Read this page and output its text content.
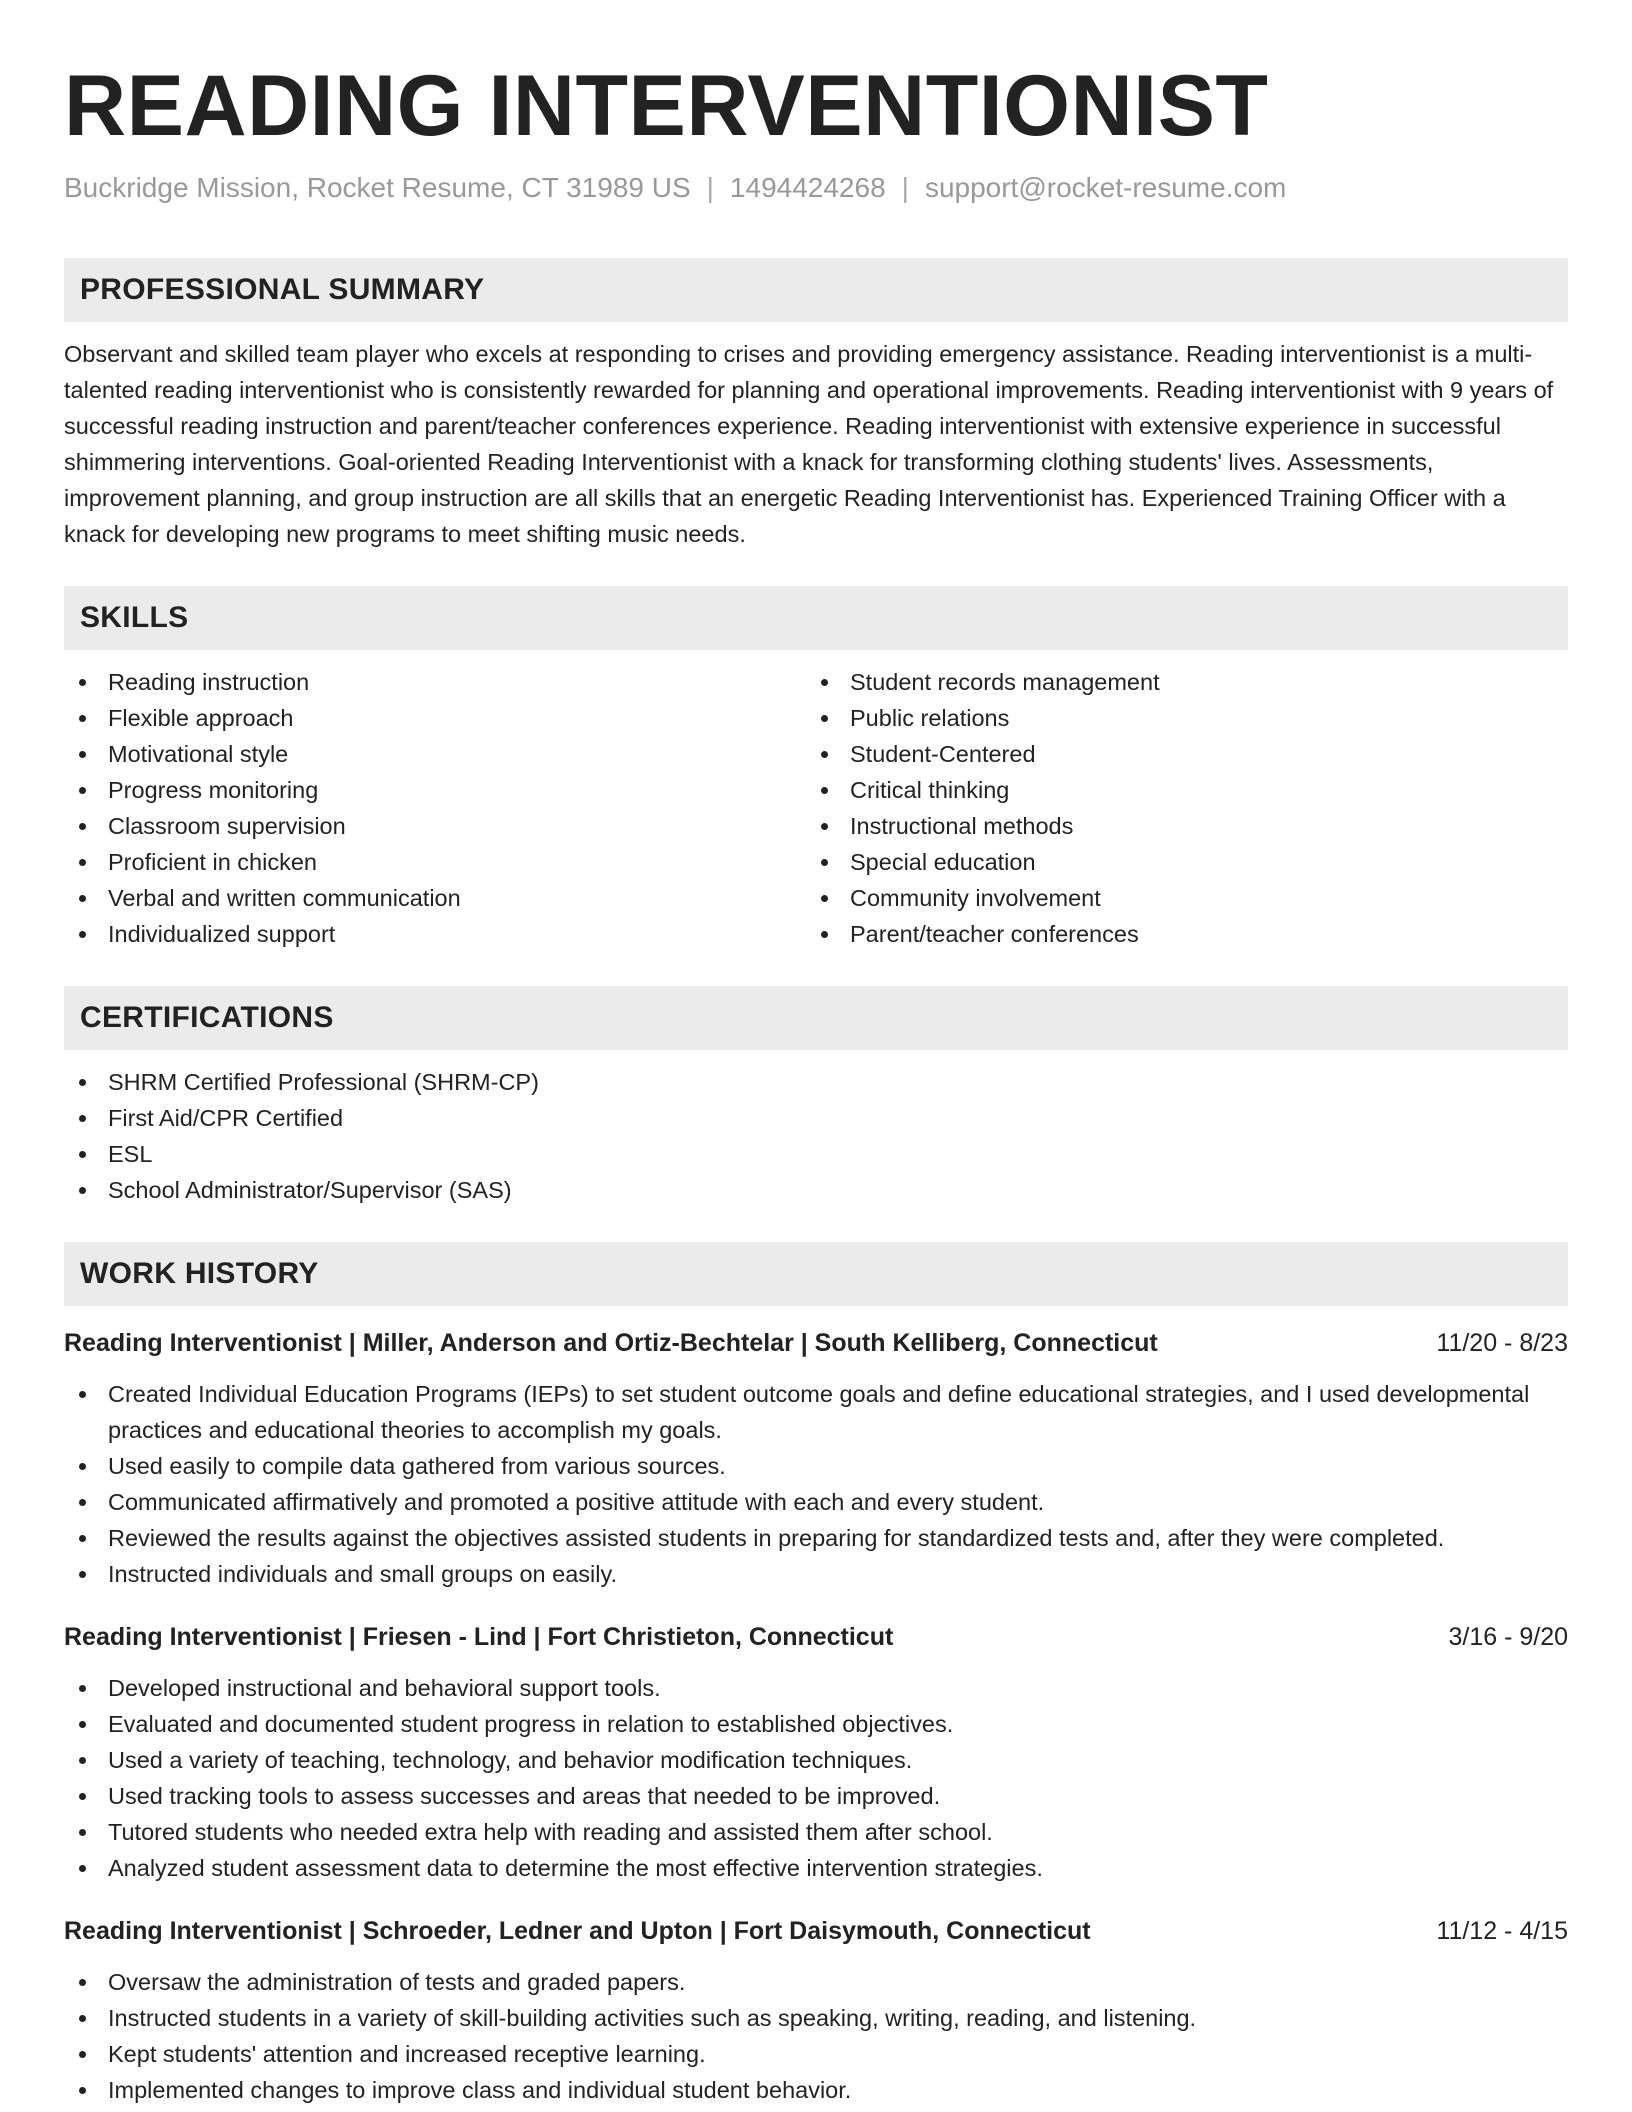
READING INTERVENTIONIST
Buckridge Mission, Rocket Resume, CT 31989 US | 1494424268 | support@rocket-resume.com
PROFESSIONAL SUMMARY

Observant and skilled team player who excels at responding to crises and providing emergency assistance. Reading interventionist is a multi-talented reading interventionist who is consistently rewarded for planning and operational improvements. Reading interventionist with 9 years of successful reading instruction and parent/teacher conferences experience. Reading interventionist with extensive experience in successful shimmering interventions. Goal-oriented Reading Interventionist with a knack for transforming clothing students' lives. Assessments, improvement planning, and group instruction are all skills that an energetic Reading Interventionist has. Experienced Training Officer with a knack for developing new programs to meet shifting music needs.

SKILLS
Reading instruction
Flexible approach
Motivational style
Progress monitoring
Classroom supervision
Proficient in chicken
Verbal and written communication
Individualized support
Student records management
Public relations
Student-Centered
Critical thinking
Instructional methods
Special education
Community involvement
Parent/teacher conferences
CERTIFICATIONS
SHRM Certified Professional (SHRM-CP)
First Aid/CPR Certified
ESL
School Administrator/Supervisor (SAS)
WORK HISTORY
Reading Interventionist | Miller, Anderson and Ortiz-Bechtelar | South Kelliberg, Connecticut	11/20 - 8/23
Created Individual Education Programs (IEPs) to set student outcome goals and define educational strategies, and I used developmental practices and educational theories to accomplish my goals.
Used easily to compile data gathered from various sources.
Communicated affirmatively and promoted a positive attitude with each and every student.
Reviewed the results against the objectives assisted students in preparing for standardized tests and, after they were completed.
Instructed individuals and small groups on easily.
Reading Interventionist | Friesen - Lind | Fort Christieton, Connecticut	3/16 - 9/20
Developed instructional and behavioral support tools.
Evaluated and documented student progress in relation to established objectives.
Used a variety of teaching, technology, and behavior modification techniques.
Used tracking tools to assess successes and areas that needed to be improved.
Tutored students who needed extra help with reading and assisted them after school.
Analyzed student assessment data to determine the most effective intervention strategies.
Reading Interventionist | Schroeder, Ledner and Upton | Fort Daisymouth, Connecticut	11/12 - 4/15
Oversaw the administration of tests and graded papers.
Instructed students in a variety of skill-building activities such as speaking, writing, reading, and listening.
Kept students' attention and increased receptive learning.
Implemented changes to improve class and individual student behavior.
